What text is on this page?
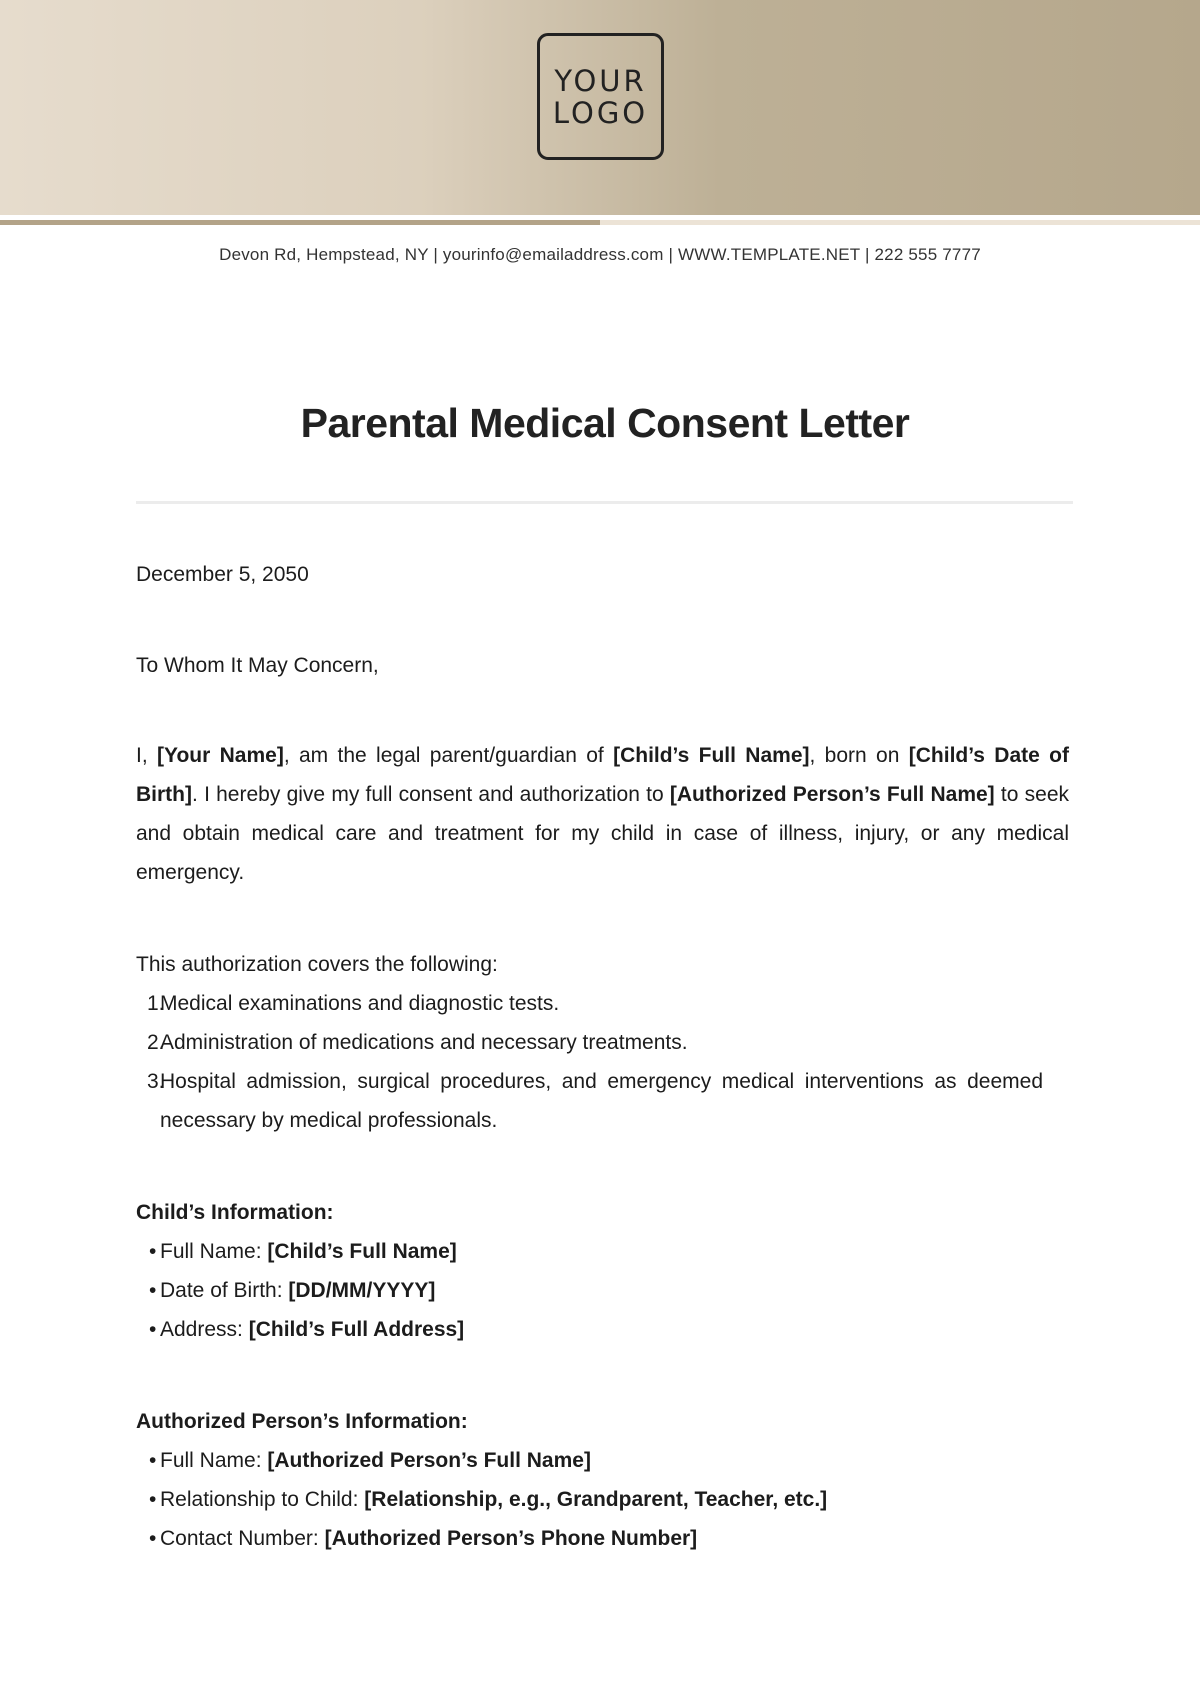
YOUR
LOGO
Devon Rd, Hempstead, NY | yourinfo@emailaddress.com | WWW.TEMPLATE.NET | 222 555 7777
Parental Medical Consent Letter
December 5, 2050
To Whom It May Concern,

I, [Your Name], am the legal parent/guardian of [Child’s Full Name], born on [Child’s Date of Birth]. I hereby give my full consent and authorization to [Authorized Person’s Full Name] to seek and obtain medical care and treatment for my child in case of illness, injury, or any medical emergency.

This authorization covers the following:
1.
Medical examinations and diagnostic tests.
2.
Administration of medications and necessary treatments.
3.
Hospital admission, surgical procedures, and emergency medical interventions as deemed necessary by medical professionals.
Child’s Information:
• Full Name: [Child’s Full Name]
• Date of Birth: [DD/MM/YYYY]
• Address: [Child’s Full Address]
Authorized Person’s Information:
• Full Name: [Authorized Person’s Full Name]
• Relationship to Child: [Relationship, e.g., Grandparent, Teacher, etc.]
• Contact Number: [Authorized Person’s Phone Number]
